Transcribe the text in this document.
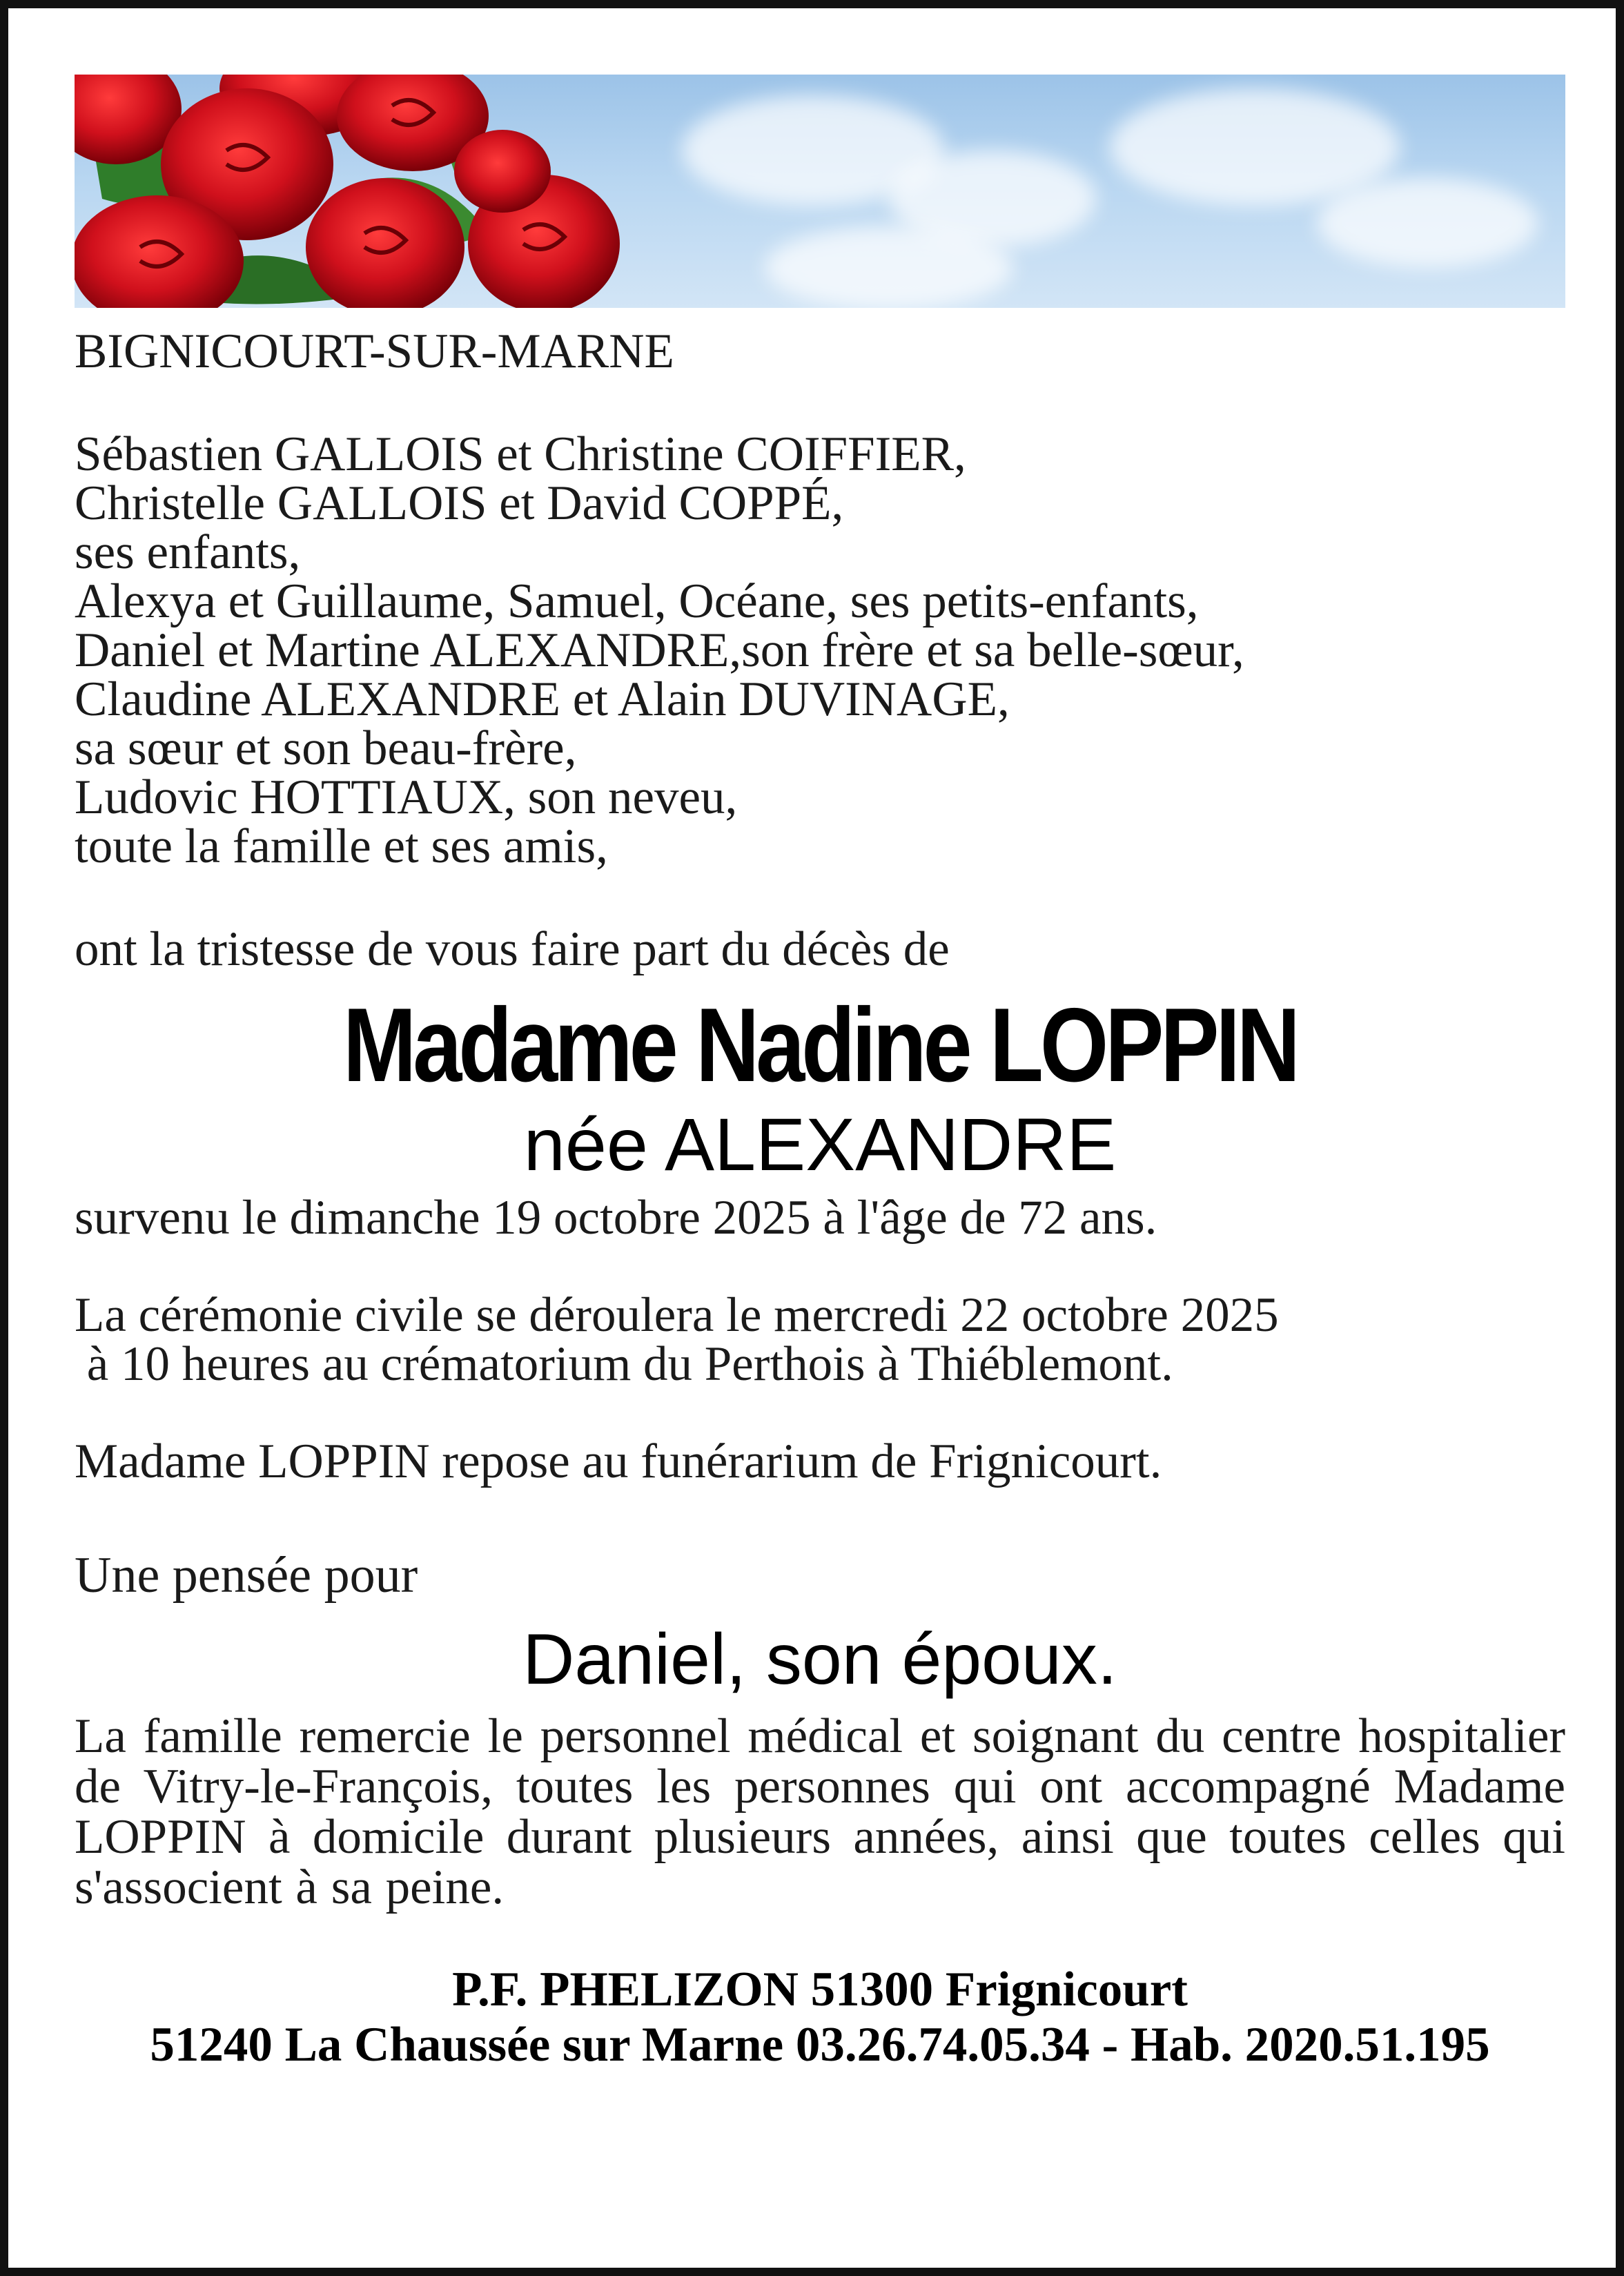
BIGNICOURT-SUR-MARNE

Sébastien GALLOIS et Christine COIFFIER,

Christelle GALLOIS et David COPPÉ,

ses enfants,

Alexya et Guillaume, Samuel, Océane, ses petits-enfants,

Daniel et Martine ALEXANDRE,son frère et sa belle-sœur,

Claudine ALEXANDRE et Alain DUVINAGE,

sa sœur et son beau-frère,

Ludovic HOTTIAUX, son neveu,

toute la famille et ses amis,

ont la tristesse de vous faire part du décès de

Madame Nadine LOPPIN
née ALEXANDRE

survenu le dimanche 19 octobre 2025 à l'âge de 72 ans.

La cérémonie civile se déroulera le mercredi 22 octobre 2025

à 10 heures au crématorium du Perthois à Thiéblemont.

Madame LOPPIN repose au funérarium de Frignicourt.

Une pensée pour

Daniel, son époux.

La famille remercie le personnel médical et soignant du centre hospitalier de Vitry-le-François, toutes les personnes qui ont accompagné Madame LOPPIN à domicile durant plusieurs années, ainsi que toutes celles qui s'associent à sa peine.

P.F. PHELIZON 51300 Frignicourt
51240 La Chaussée sur Marne 03.26.74.05.34 - Hab. 2020.51.195
